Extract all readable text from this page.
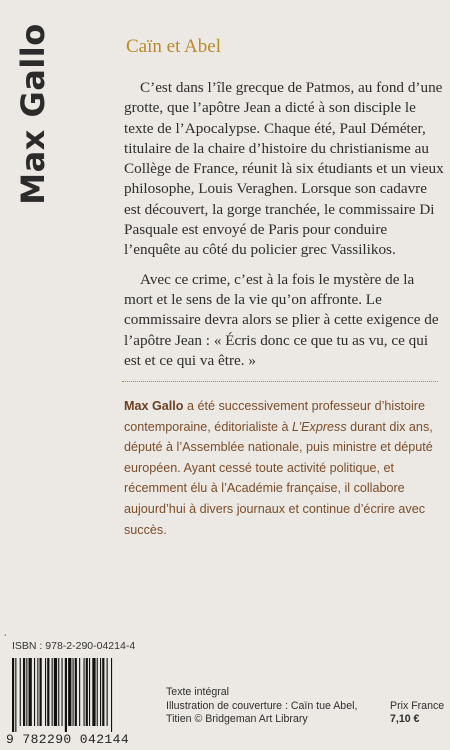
Max Gallo	Caïn et Abel

C’est dans l’île grecque de Patmos, au fond d’une grotte, que l’apôtre Jean a dicté à son disciple le texte de l’Apocalypse. Chaque été, Paul Déméter, titulaire de la chaire d’histoire du christianisme au Collège de France, réunit là six étudiants et un vieux philosophe, Louis Veraghen. Lorsque son cadavre est découvert, la gorge tranchée, le commissaire Di Pasquale est envoyé de Paris pour conduire l’enquête au côté du policier grec Vassilikos.

Avec ce crime, c’est à la fois le mystère de la mort et le sens de la vie qu’on affronte. Le commissaire devra alors se plier à cette exigence de l’apôtre Jean : « Écris donc ce que tu as vu, ce qui est et ce qui va être. »

Max Gallo a été successivement professeur d’histoire contemporaine, éditorialiste à L’Express durant dix ans, député à l’Assemblée nationale, puis ministre et député européen. Ayant cessé toute activité politique, et récemment élu à l’Académie française, il collabore aujourd’hui à divers journaux et continue d’écrire avec succès.

ʻ
ISBN : 978-2-290-04214-4
9 782290 042144
Texte intégral
Illustration de couverture : Caïn tue Abel,
Titien © Bridgeman Art Library
Prix France
7,10 €
